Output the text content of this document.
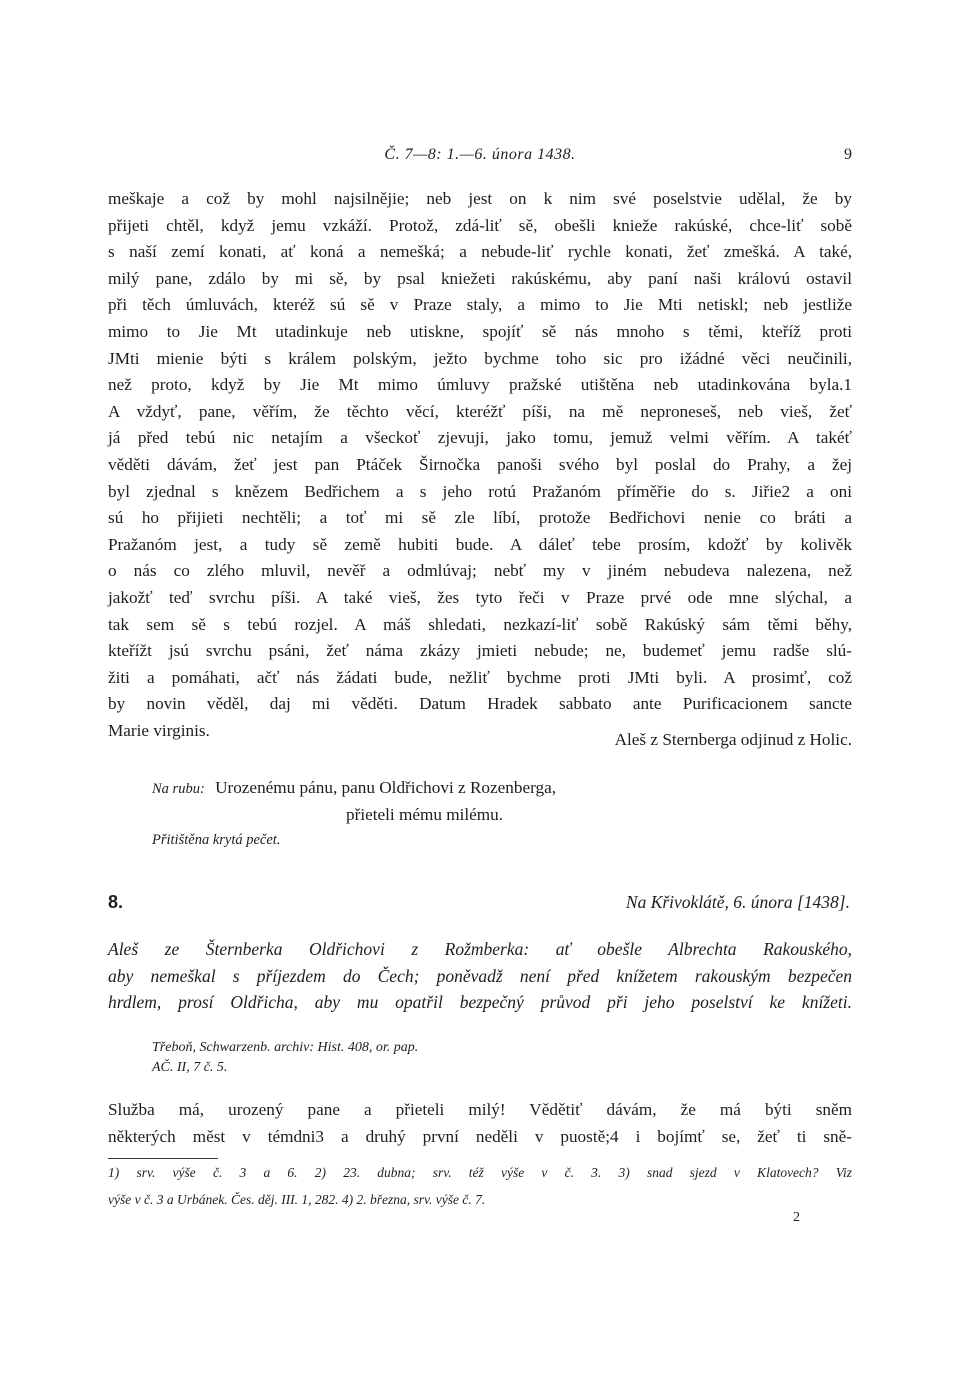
Č. 7—8: 1.—6. února 1438.	9
meškaje a což by mohl najsilnějie; neb jest on k nim své poselstvie udělal, že by
přijeti chtěl, když jemu vzkáží. Protož, zdá-liť sě, obešli knieže rakúské, chce-liť sobě
s naší zemí konati, ať koná a nemešká; a nebude-liť rychle konati, žeť zmešká. A také,
milý pane, zdálo by mi sě, by psal kniežeti rakúskému, aby paní naši královú ostavil
při těch úmluvách, kteréž sú sě v Praze staly, a mimo to Jie Mti netiskl; neb jestliže
mimo to Jie Mt utadinkuje neb utiskne, spojíť sě nás mnoho s těmi, kteříž proti
JMti mienie býti s králem polským, ježto bychme toho sic pro ižádné věci neučinili,
než proto, když by Jie Mt mimo úmluvy pražské utištěna neb utadinkována byla.1
A vždyť, pane, věřím, že těchto věcí, kteréžť píši, na mě neproneseš, neb vieš, žeť
já před tebú nic netajím a všeckoť zjevuji, jako tomu, jemuž velmi věřím. A takéť
věděti dávám, žeť jest pan Ptáček Širnočka panoši svého byl poslal do Prahy, a žej
byl zjednal s knězem Bedřichem a s jeho rotú Pražanóm příměřie do s. Jiřie2 a oni
sú ho přijieti nechtěli; a toť mi sě zle líbí, protože Bedřichovi nenie co bráti a
Pražanóm jest, a tudy sě země hubiti bude. A dáleť tebe prosím, kdožť by kolivěk
o nás co zlého mluvil, nevěř a odmlúvaj; nebť my v jiném nebudeva nalezena, než
jakožť teď svrchu píši. A také vieš, žes tyto řeči v Praze prvé ode mne slýchal, a
tak sem sě s tebú rozjel. A máš shledati, nezkazí-liť sobě Rakúský sám těmi běhy,
kteřížt jsú svrchu psáni, žeť náma zkázy jmieti nebude; ne, budemeť jemu radše slú-
žiti a pomáhati, ačť nás žádati bude, nežliť bychme proti JMti byli. A prosimť, což
by novin věděl, daj mi věděti. Datum Hradek sabbato ante Purificacionem sancte
Marie virginis.	Aleš z Sternberga odjinud z Holic.
Na rubu: Urozenému pánu, panu Oldřichovi z Rozenberga,
přieteli mému milému.
Přitištěna krytá pečet.
8.	Na Křivoklátě, 6. února [1438].
Aleš ze Šternberka Oldřichovi z Rožmberka: ať obešle Albrechta Rakouského,
aby nemeškal s příjezdem do Čech; poněvadž není před knížetem rakouským bezpečen
hrdlem, prosí Oldřicha, aby mu opatřil bezpečný průvod při jeho poselství ke knížeti.
Třeboň, Schwarzenb. archiv: Hist. 408, or. pap.
AČ. II, 7 č. 5.
Služba má, urozený pane a přieteli milý! Vědětiť dávám, že má býti sněm
některých měst v témdni3 a druhý první neděli v puostě;4 i bojímť se, žeť ti sně-
1) srv. výše č. 3 a 6. 2) 23. dubna; srv. též výše v č. 3. 3) snad sjezd v Klatovech? Viz
výše v č. 3 a Urbánek. Čes. děj. III. 1, 282. 4) 2. března, srv. výše č. 7.
2
